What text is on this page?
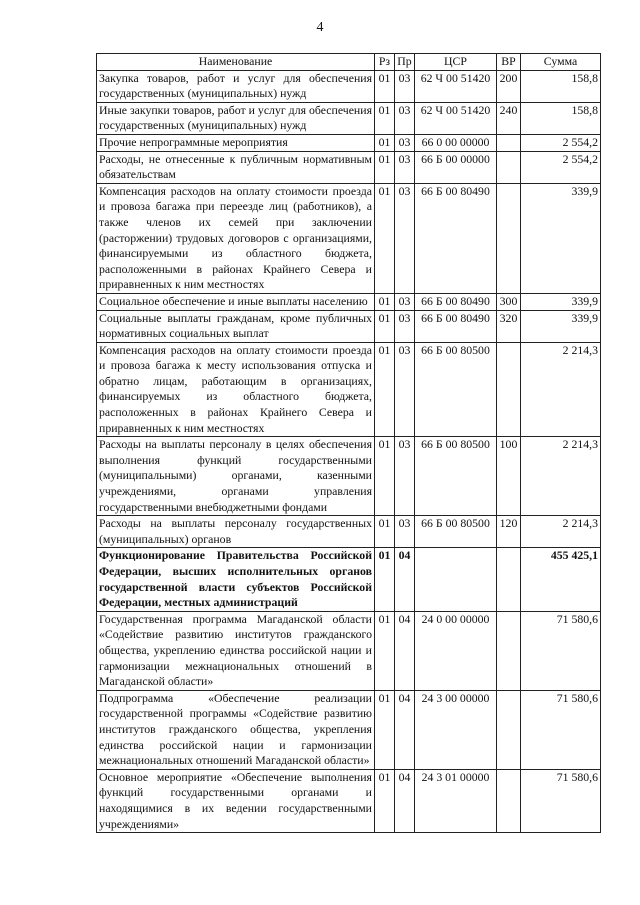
4
Наименование	Рз	Пр	ЦСР	ВР	Сумма
Закупка товаров, работ и услуг для обеспечения государственных (муниципальных) нужд	01	03	62 Ч 00 51420	200	158,8
Иные закупки товаров, работ и услуг для обеспечения государственных (муниципальных) нужд	01	03	62 Ч 00 51420	240	158,8
Прочие непрограммные мероприятия	01	03	66 0 00 00000		2 554,2
Расходы, не отнесенные к публичным нормативным обязательствам	01	03	66 Б 00 00000		2 554,2
Компенсация расходов на оплату стоимости проезда и провоза багажа при переезде лиц (работников), а также членов их семей при заключении (расторжении) трудовых договоров с организациями, финансируемыми из областного бюджета, расположенными в районах Крайнего Севера и приравненных к ним местностях	01	03	66 Б 00 80490		339,9
Социальное обеспечение и иные выплаты населению	01	03	66 Б 00 80490	300	339,9
Социальные выплаты гражданам, кроме публичных нормативных социальных выплат	01	03	66 Б 00 80490	320	339,9
Компенсация расходов на оплату стоимости проезда и провоза багажа к месту использования отпуска и обратно лицам, работающим в организациях, финансируемых из областного бюджета, расположенных в районах Крайнего Севера и приравненных к ним местностях	01	03	66 Б 00 80500		2 214,3
Расходы на выплаты персоналу в целях обеспечения выполнения функций государственными (муниципальными) органами, казенными учреждениями, органами управления государственными внебюджетными фондами	01	03	66 Б 00 80500	100	2 214,3
Расходы на выплаты персоналу государственных (муниципальных) органов	01	03	66 Б 00 80500	120	2 214,3
Функционирование Правительства Российской Федерации, высших исполнительных органов государственной власти субъектов Российской Федерации, местных администраций	01	04			455 425,1
Государственная программа Магаданской области «Содействие развитию институтов гражданского общества, укреплению единства российской нации и гармонизации межнациональных отношений в Магаданской области»	01	04	24 0 00 00000		71 580,6
Подпрограмма «Обеспечение реализации государственной программы «Содействие развитию институтов гражданского общества, укрепления единства российской нации и гармонизации межнациональных отношений Магаданской области»	01	04	24 3 00 00000		71 580,6
Основное мероприятие «Обеспечение выполнения функций государственными органами и находящимися в их ведении государственными учреждениями»	01	04	24 3 01 00000		71 580,6
